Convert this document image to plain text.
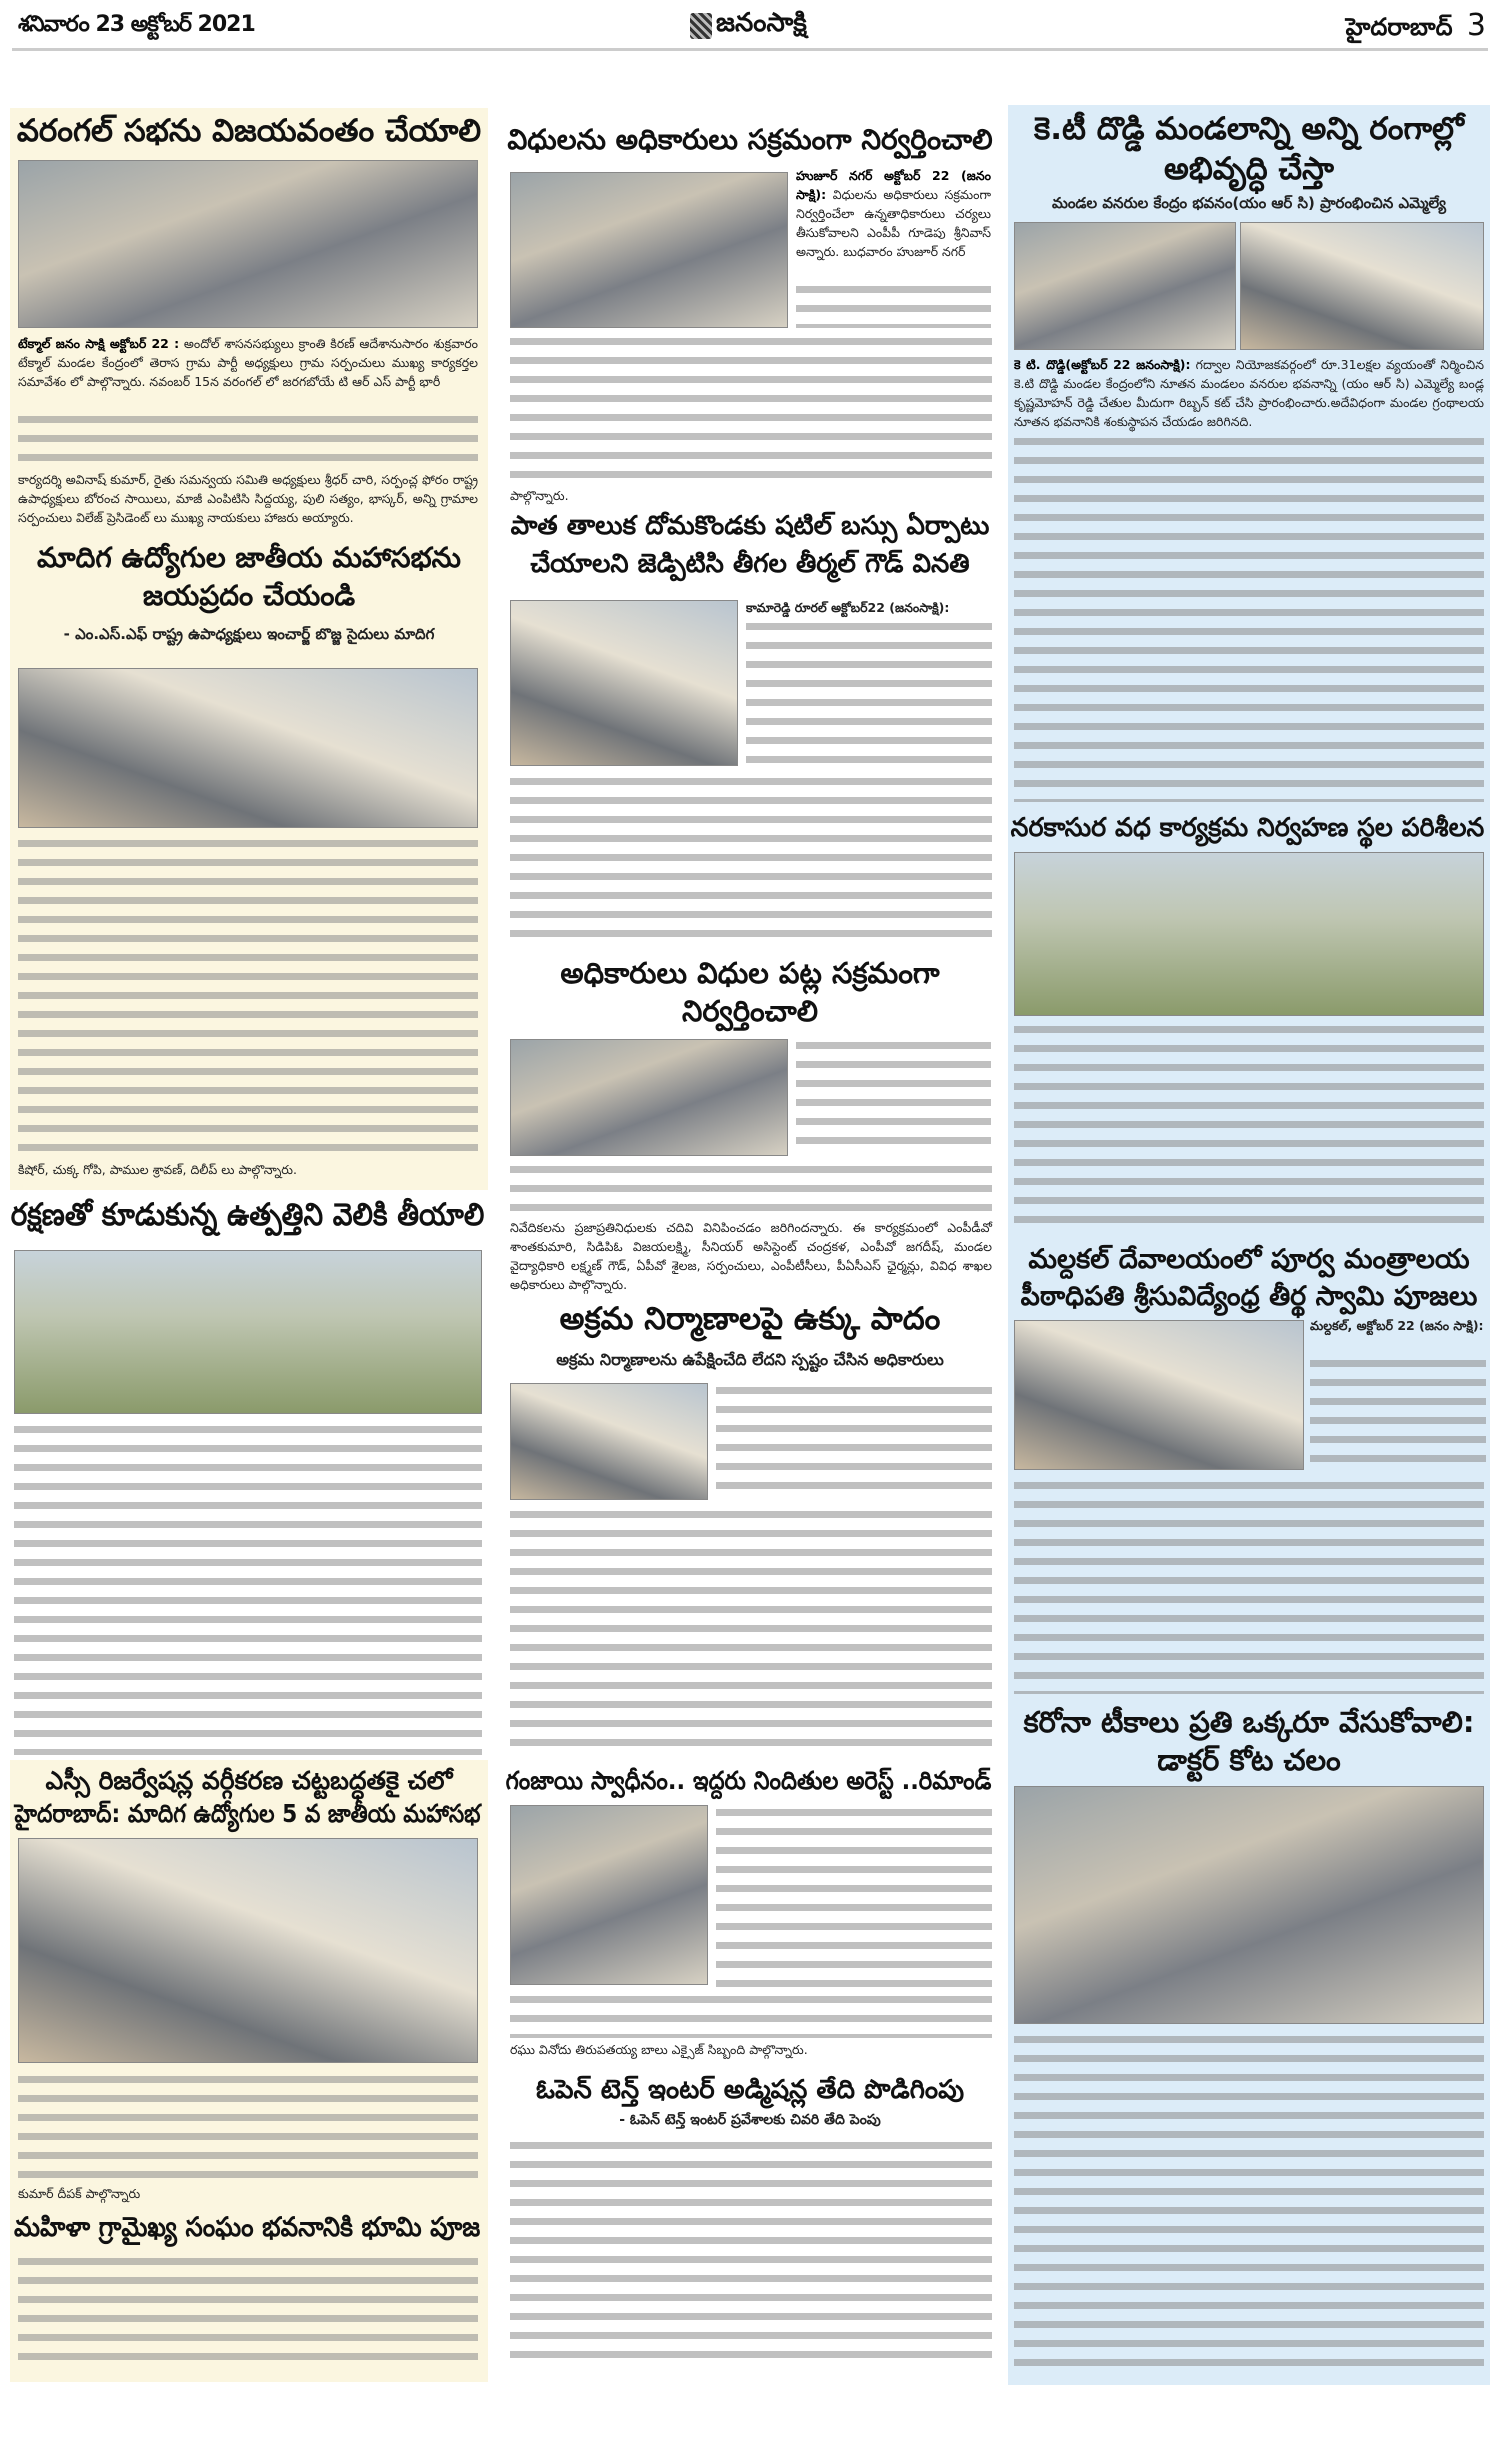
శనివారం 23 అక్టోబర్ 2021	జనంసాక్షి	హైదరాబాద్ 3
వరంగల్ సభను విజయవంతం చేయాలి
టేక్మాల్ జనం సాక్షి అక్టోబర్ 22 : అందోల్ శాసనసభ్యులు క్రాంతి కిరణ్ ఆదేశానుసారం శుక్రవారం టేక్మాల్ మండల కేంద్రంలో తెరాస గ్రామ పార్టీ అధ్యక్షులు గ్రామ సర్పంచులు ముఖ్య కార్యకర్తల సమావేశం లో పాల్గొన్నారు. నవంబర్ 15న వరంగల్ లో జరగబోయే టి ఆర్ ఎస్ పార్టీ భారీ
కార్యదర్శి అవినాష్ కుమార్, రైతు సమన్వయ సమితి అధ్యక్షులు శ్రీధర్ చారి, సర్పంచ్ల ఫోరం రాష్ట్ర ఉపాధ్యక్షులు బోరంచ సాయిలు, మాజీ ఎంపిటిసి సిద్దయ్య, పులి సత్యం, భాస్కర్, అన్ని గ్రామాల సర్పంచులు విలేజ్ ప్రెసిడెంట్ లు ముఖ్య నాయకులు హాజరు అయ్యారు.
మాదిగ ఉద్యోగుల జాతీయ మహాసభను
జయప్రదం చేయండి
- ఎం.ఎస్.ఎఫ్ రాష్ట్ర ఉపాధ్యక్షులు ఇంచార్జ్ బొజ్జ సైదులు మాదిగ
కిషోర్, చుక్క గోపి, పాముల శ్రావణ్, దిలీప్ లు పాల్గొన్నారు.
రక్షణతో కూడుకున్న ఉత్పత్తిని వెలికి తీయాలి
ఎస్సీ రిజర్వేషన్ల వర్గీకరణ చట్టబద్ధతకై చలో
హైదరాబాద్: మాదిగ ఉద్యోగుల 5 వ జాతీయ మహాసభ
కుమార్ దీపక్ పాల్గొన్నారు
మహిళా గ్రామైఖ్య సంఘం భవనానికి భూమి పూజ
విధులను అధికారులు సక్రమంగా నిర్వర్తించాలి
హుజూర్ నగర్ అక్టోబర్ 22 (జనం సాక్షి): విధులను అధికారులు సక్రమంగా నిర్వర్తించేలా ఉన్నతాధికారులు చర్యలు తీసుకోవాలని ఎంపీపీ గూడెపు శ్రీనివాస్ అన్నారు. బుధవారం హుజూర్ నగర్
పాల్గొన్నారు.
పాత తాలుక దోమకొండకు షటిల్ బస్సు ఏర్పాటు
చేయాలని జెడ్పిటిసి తీగల తీర్మల్ గౌడ్ వినతి
కామారెడ్డి రూరల్ అక్టోబర్22 (జనంసాక్షి):
అధికారులు విధుల పట్ల సక్రమంగా
నిర్వర్తించాలి
నివేదికలను ప్రజాప్రతినిధులకు చదివి వినిపించడం జరిగిందన్నారు. ఈ కార్యక్రమంలో ఎంపీడీవో శాంతకుమారి, సిడిపిఓ విజయలక్ష్మి, సీనియర్ అసిస్టెంట్ చంద్రకళ, ఎంపీవో జగదీష్, మండల వైద్యాధికారి లక్ష్మణ్ గౌడ్, ఏపీవో శైలజ, సర్పంచులు, ఎంపీటీసీలు, పీఏసీఎస్ ఛైర్మన్లు, వివిధ శాఖల అధికారులు పాల్గొన్నారు.
అక్రమ నిర్మాణాలపై ఉక్కు పాదం
అక్రమ నిర్మాణాలను ఉపేక్షించేది లేదని స్పష్టం చేసిన అధికారులు
గంజాయి స్వాధీనం.. ఇద్దరు నిందితుల అరెస్ట్ ..రిమాండ్
రఘు వినోదు తిరుపతయ్య బాలు ఎక్సైజ్ సిబ్బంది పాల్గొన్నారు.
ఓపెన్ టెన్త్ ఇంటర్ అడ్మిషన్ల తేది పొడిగింపు
- ఓపెన్ టెన్త్ ఇంటర్ ప్రవేశాలకు చివరి తేది పెంపు
కె.టీ దొడ్డి మండలాన్ని అన్ని రంగాల్లో
అభివృద్ధి చేస్తా
మండల వనరుల కేంద్రం భవనం(యం ఆర్ సి) ప్రారంభించిన ఎమ్మెల్యే
కె టి. దొడ్డి(అక్టోబర్ 22 జనంసాక్షి): గద్వాల నియోజకవర్గంలో రూ.31లక్షల వ్యయంతో నిర్మించిన కె.టి దొడ్డి మండల కేంద్రంలోని నూతన మండలం వనరుల భవనాన్ని (యం ఆర్ సి) ఎమ్మెల్యే బండ్ల కృష్ణమోహన్ రెడ్డి చేతుల మీదుగా రిబ్బన్ కట్ చేసి ప్రారంభించారు.అదేవిధంగా మండల గ్రంథాలయ నూతన భవనానికి శంకుస్థాపన చేయడం జరిగినది.
నరకాసుర వధ కార్యక్రమ నిర్వహణ స్థల పరిశీలన
మల్దకల్ దేవాలయంలో పూర్వ మంత్రాలయ
పీఠాధిపతి శ్రీసువిద్యేంధ్ర తీర్థ స్వామి పూజలు
మల్దకల్, అక్టోబర్ 22 (జనం సాక్షి):
కరోనా టీకాలు ప్రతి ఒక్కరూ వేసుకోవాలి:
డాక్టర్ కోట చలం
